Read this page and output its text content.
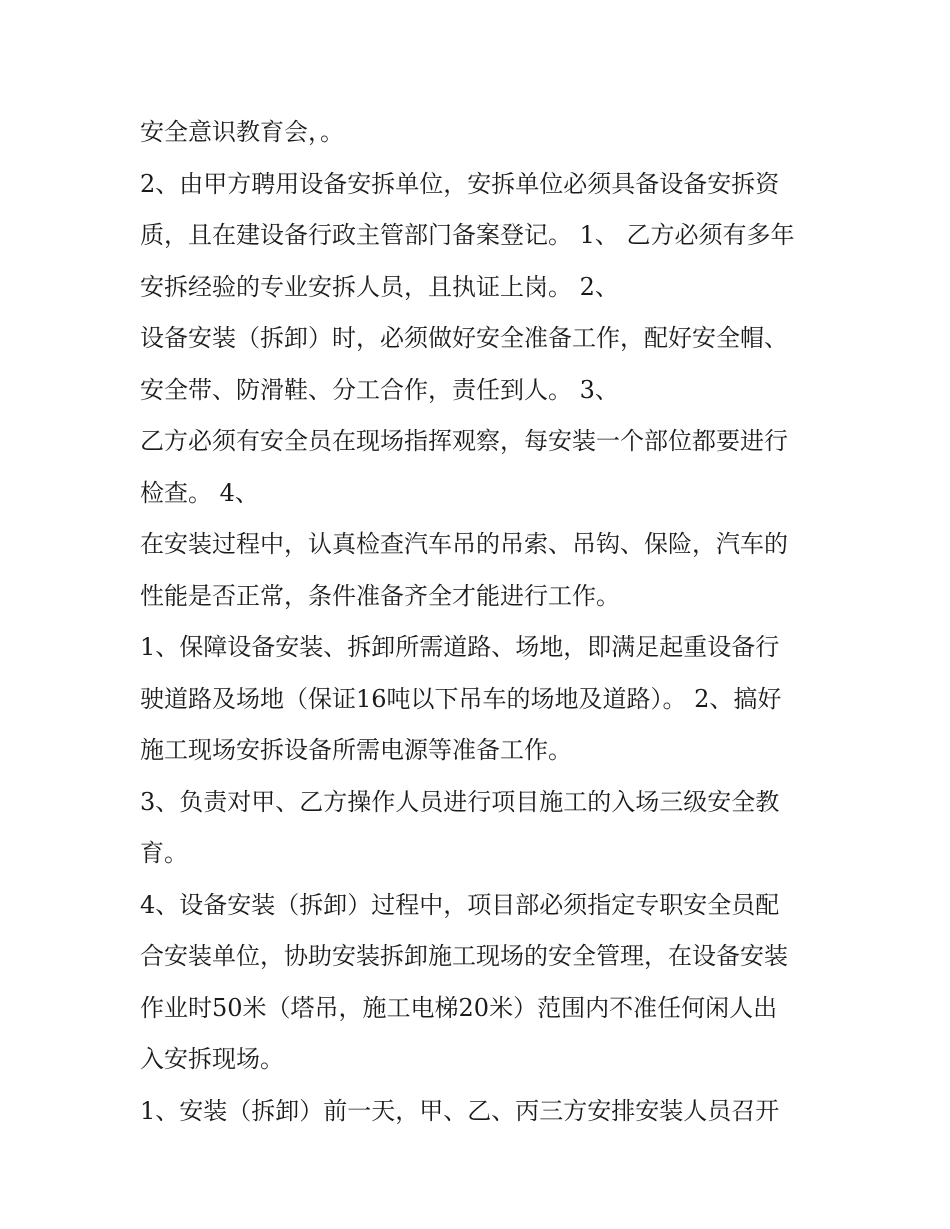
安全意识教育会，。
2、由甲方聘用设备安拆单位，安拆单位必须具备设备安拆资
质，且在建设备行政主管部门备案登记。 1、 乙方必须有多年
安拆经验的专业安拆人员，且执证上岗。 2、
设备安装（拆卸）时，必须做好安全准备工作，配好安全帽、
安全带、防滑鞋、分工合作，责任到人。 3、
乙方必须有安全员在现场指挥观察，每安装一个部位都要进行
检查。 4、
在安装过程中，认真检查汽车吊的吊索、吊钩、保险，汽车的
性能是否正常，条件准备齐全才能进行工作。
1、保障设备安装、拆卸所需道路、场地，即满足起重设备行
驶道路及场地（保证16吨以下吊车的场地及道路）。 2、搞好
施工现场安拆设备所需电源等准备工作。
3、负责对甲、乙方操作人员进行项目施工的入场三级安全教
育。
4、设备安装（拆卸）过程中，项目部必须指定专职安全员配
合安装单位，协助安装拆卸施工现场的安全管理，在设备安装
作业时50米（塔吊，施工电梯20米）范围内不准任何闲人出
入安拆现场。
1、安装（拆卸）前一天，甲、乙、丙三方安排安装人员召开
